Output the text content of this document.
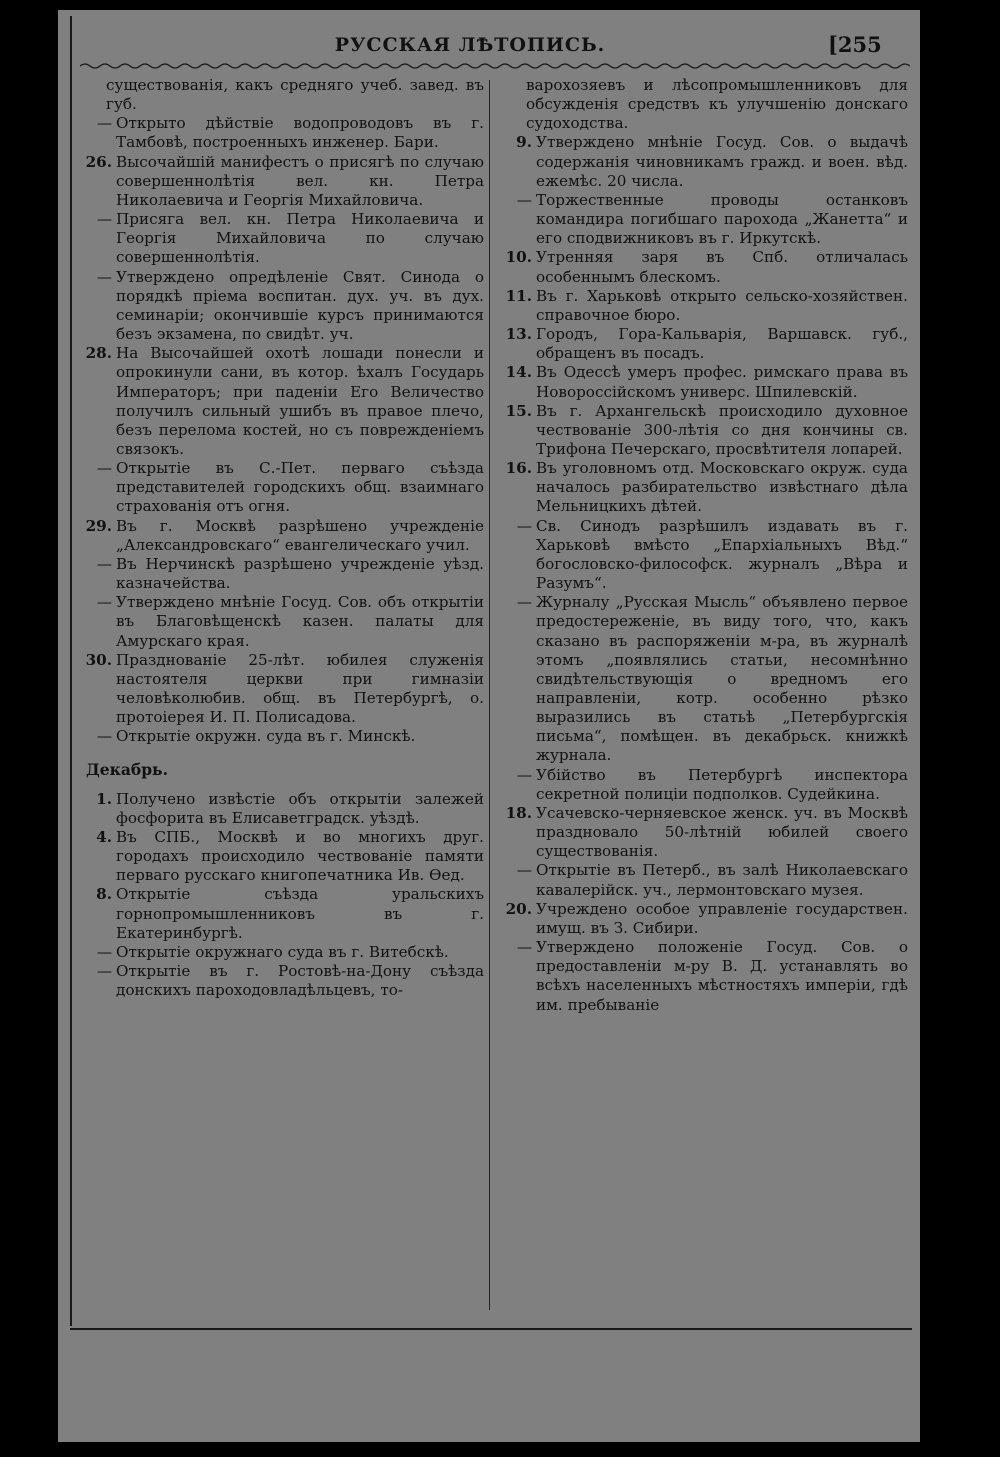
РУССКАЯ ЛѢТОПИСЬ.	[255
существованія, какъ средняго учеб. завед. въ губ.
— Открыто дѣйствіе водопроводовъ въ г. Тамбовѣ, построенныхъ инженер. Бари.
26. Высочайшій манифестъ о присягѣ по случаю совершеннолѣтія вел. кн. Петра Николаевича и Георгія Михайловича.
— Присяга вел. кн. Петра Николаевича и Георгія Михайловича по случаю совершеннолѣтія.
— Утверждено опредѣленіе Свят. Синода о порядкѣ пріема воспитан. дух. уч. въ дух. семинаріи; окончившіе курсъ принимаются безъ экзамена, по свидѣт. уч.
28. На Высочайшей охотѣ лошади понесли и опрокинули сани, въ котор. ѣхалъ Государь Императоръ; при паденіи Его Величество получилъ сильный ушибъ въ правое плечо, безъ перелома костей, но съ поврежденіемъ связокъ.
— Открытіе въ С.-Пет. перваго съѣзда представителей городскихъ общ. взаимнаго страхованія отъ огня.
29. Въ г. Москвѣ разрѣшено учрежденіе „Александровскаго“ евангелическаго учил.
— Въ Нерчинскѣ разрѣшено учрежденіе уѣзд. казначейства.
— Утверждено мнѣніе Госуд. Сов. объ открытіи въ Благовѣщенскѣ казен. палаты для Амурскаго края.
30. Празднованіе 25-лѣт. юбилея служенія настоятеля церкви при гимназіи человѣколюбив. общ. въ Петербургѣ, о. протоіерея И. П. Полисадова.
— Открытіе окружн. суда въ г. Минскѣ.
Декабрь.
1. Получено извѣстіе объ открытіи залежей фосфорита въ Елисаветградск. уѣздѣ.
4. Въ СПБ., Москвѣ и во многихъ друг. городахъ происходило чествованіе памяти перваго русскаго книгопечатника Ив. Ѳед.
8. Открытіе съѣзда уральскихъ горнопромышленниковъ въ г. Екатеринбургѣ.
— Открытіе окружнаго суда въ г. Витебскѣ.
— Открытіе въ г. Ростовѣ-на-Дону съѣзда донскихъ пароходовладѣльцевъ, то-
варохозяевъ и лѣсопромышленниковъ для обсужденія средствъ къ улучшенію донскаго судоходства.
9. Утверждено мнѣніе Госуд. Сов. о выдачѣ содержанія чиновникамъ гражд. и воен. вѣд. ежемѣс. 20 числа.
— Торжественные проводы останковъ командира погибшаго парохода „Жанетта“ и его сподвижниковъ въ г. Иркутскѣ.
10. Утренняя заря въ Спб. отличалась особеннымъ блескомъ.
11. Въ г. Харьковѣ открыто сельско-хозяйствен. справочное бюро.
13. Городъ, Гора-Кальварія, Варшавск. губ., обращенъ въ посадъ.
14. Въ Одессѣ умеръ профес. римскаго права въ Новороссійскомъ универс. Шпилевскій.
15. Въ г. Архангельскѣ происходило духовное чествованіе 300-лѣтія со дня кончины св. Трифона Печерскаго, просвѣтителя лопарей.
16. Въ уголовномъ отд. Московскаго окруж. суда началось разбирательство извѣстнаго дѣла Мельницкихъ дѣтей.
— Св. Синодъ разрѣшилъ издавать въ г. Харьковѣ вмѣсто „Епархіальныхъ Вѣд.“ богословско-философск. журналъ „Вѣра и Разумъ“.
— Журналу „Русская Мысль“ объявлено первое предостереженіе, въ виду того, что, какъ сказано въ распоряженіи м-ра, въ журналѣ этомъ „появлялись статьи, несомнѣнно свидѣтельствующія о вредномъ его направленіи, котр. особенно рѣзко выразились въ статьѣ „Петербургскія письма“, помѣщен. въ декабрьск. книжкѣ журнала.
— Убійство въ Петербургѣ инспектора секретной полиціи подполков. Судейкина.
18. Усачевско-черняевское женск. уч. въ Москвѣ праздновало 50-лѣтній юбилей своего существованія.
— Открытіе въ Петерб., въ залѣ Николаевскаго кавалерійск. уч., лермонтовскаго музея.
20. Учреждено особое управленіе государствен. имущ. въ З. Сибири.
— Утверждено положеніе Госуд. Сов. о предоставленіи м-ру В. Д. устанавлять во всѣхъ населенныхъ мѣстностяхъ имперіи, гдѣ им. пребываніе
